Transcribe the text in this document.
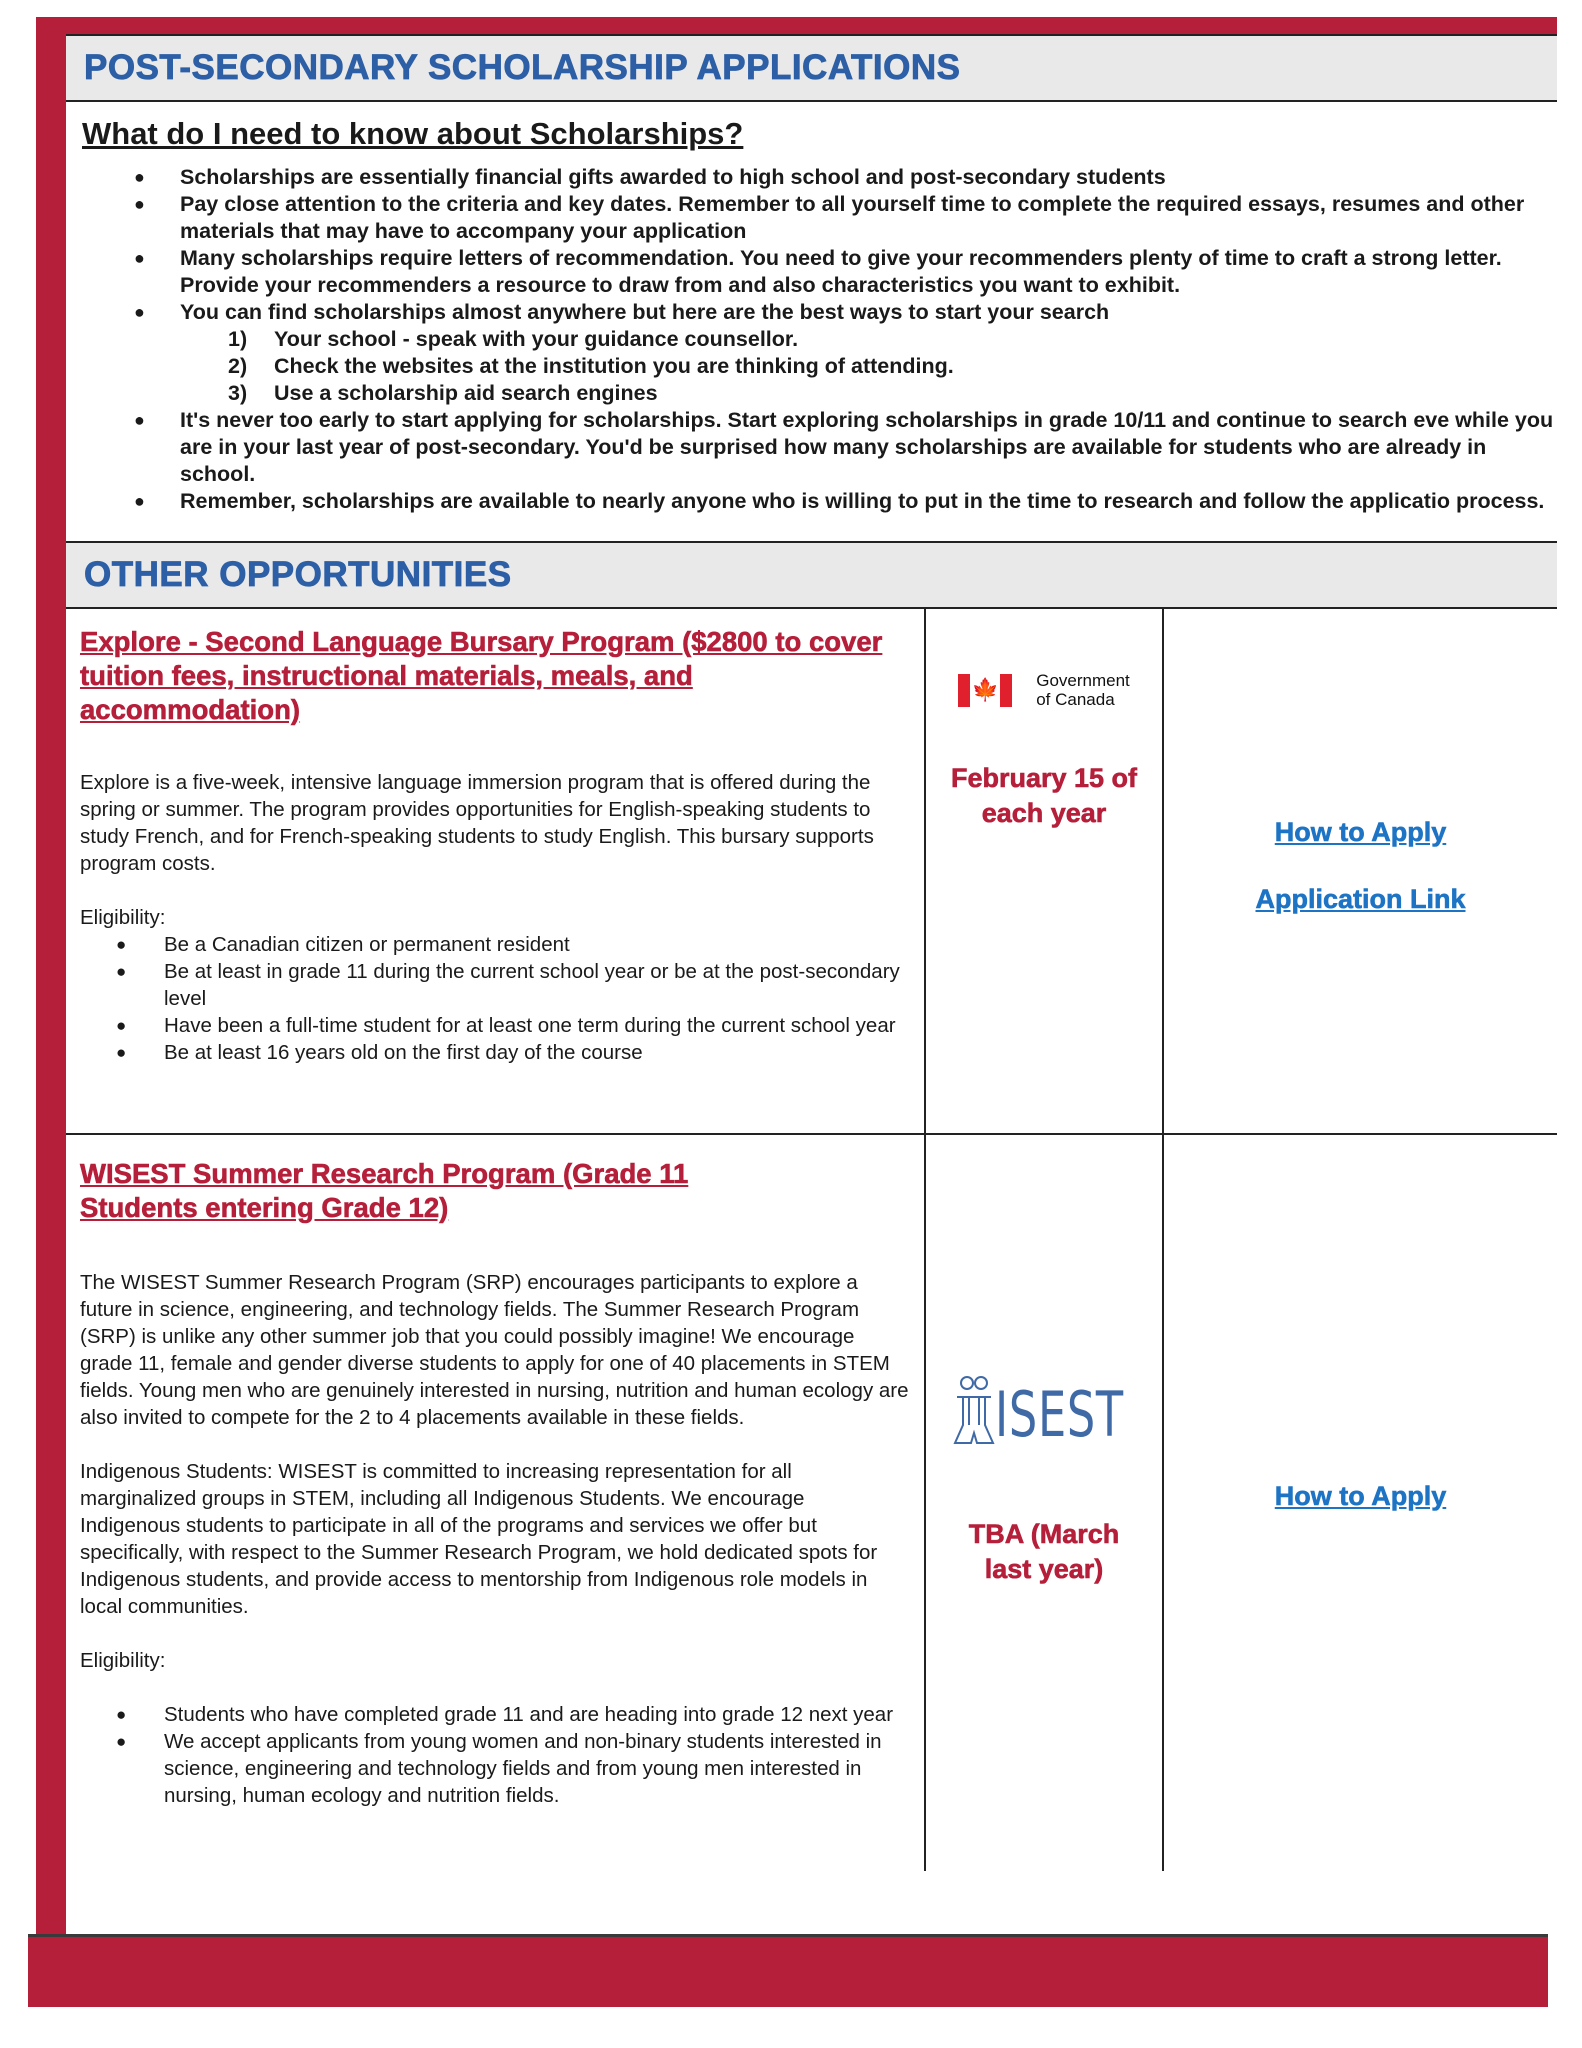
POST-SECONDARY SCHOLARSHIP APPLICATIONS
What do I need to know about Scholarships?
● Scholarships are essentially financial gifts awarded to high school and post-secondary students
● Pay close attention to the criteria and key dates. Remember to all yourself time to complete the required essays, resumes and other materials that may have to accompany your application
● Many scholarships require letters of recommendation. You need to give your recommenders plenty of time to craft a strong letter. Provide your recommenders a resource to draw from and also characteristics you want to exhibit.
● You can find scholarships almost anywhere but here are the best ways to start your search
1) Your school - speak with your guidance counsellor.
2) Check the websites at the institution you are thinking of attending.
3) Use a scholarship aid search engines
● It's never too early to start applying for scholarships. Start exploring scholarships in grade 10/11 and continue to search eve while you are in your last year of post-secondary. You'd be surprised how many scholarships are available for students who are already in school.
● Remember, scholarships are available to nearly anyone who is willing to put in the time to research and follow the applicatio process.
OTHER OPPORTUNITIES
Explore - Second Language Bursary Program ($2800 to cover tuition fees, instructional materials, meals, and accommodation)

Explore is a five-week, intensive language immersion program that is offered during the spring or summer. The program provides opportunities for English-speaking students to study French, and for French-speaking students to study English. This bursary supports program costs.

Eligibility:

● Be a Canadian citizen or permanent resident
● Be at least in grade 11 during the current school year or be at the post-secondary level
● Have been a full-time student for at least one term during the current school year
● Be at least 16 years old on the first day of the course
🍁 Government
of Canada
February 15 of each year
How to Apply
Application Link
WISEST Summer Research Program (Grade 11 Students entering Grade 12)

The WISEST Summer Research Program (SRP) encourages participants to explore a future in science, engineering, and technology fields. The Summer Research Program (SRP) is unlike any other summer job that you could possibly imagine! We encourage grade 11, female and gender diverse students to apply for one of 40 placements in STEM fields. Young men who are genuinely interested in nursing, nutrition and human ecology are also invited to compete for the 2 to 4 placements available in these fields.

Indigenous Students: WISEST is committed to increasing representation for all marginalized groups in STEM, including all Indigenous Students. We encourage Indigenous students to participate in all of the programs and services we offer but specifically, with respect to the Summer Research Program, we hold dedicated spots for Indigenous students, and provide access to mentorship from Indigenous role models in local communities.

Eligibility:

● Students who have completed grade 11 and are heading into grade 12 next year
● We accept applicants from young women and non-binary students interested in science, engineering and technology fields and from young men interested in nursing, human ecology and nutrition fields.
ISEST
TBA (March last year)
How to Apply
